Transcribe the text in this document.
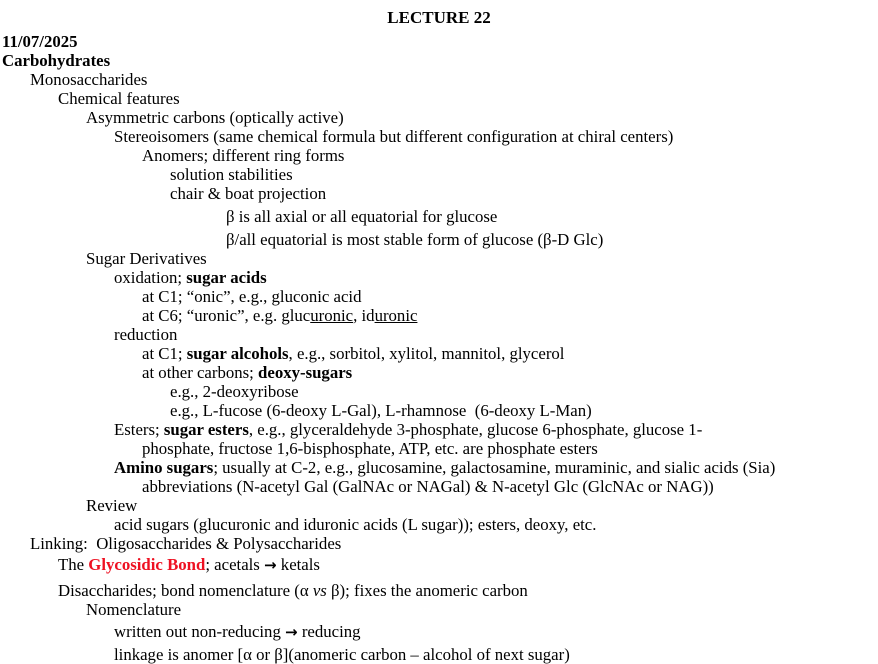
LECTURE 22
11/07/2025
Carbohydrates
Monosaccharides
Chemical features
Asymmetric carbons (optically active)
Stereoisomers (same chemical formula but different configuration at chiral centers)
Anomers; different ring forms
solution stabilities
chair & boat projection
β is all axial or all equatorial for glucose
β/all equatorial is most stable form of glucose (β-D Glc)
Sugar Derivatives
oxidation; sugar acids
at C1; “onic”, e.g., gluconic acid
at C6; “uronic”, e.g. glucuronic, iduronic
reduction
at C1; sugar alcohols, e.g., sorbitol, xylitol, mannitol, glycerol
at other carbons; deoxy-sugars
e.g., 2-deoxyribose
e.g., L-fucose (6-deoxy L-Gal), L-rhamnose  (6-deoxy L-Man)
Esters; sugar esters, e.g., glyceraldehyde 3-phosphate, glucose 6-phosphate, glucose 1-
phosphate, fructose 1,6-bisphosphate, ATP, etc. are phosphate esters
Amino sugars; usually at C-2, e.g., glucosamine, galactosamine, muraminic, and sialic acids (Sia)
abbreviations (N-acetyl Gal (GalNAc or NAGal) & N-acetyl Glc (GlcNAc or NAG))
Review
acid sugars (glucuronic and iduronic acids (L sugar)); esters, deoxy, etc.
Linking:  Oligosaccharides & Polysaccharides
The Glycosidic Bond; acetals → ketals
Disaccharides; bond nomenclature (α vs β); fixes the anomeric carbon
Nomenclature
written out non-reducing → reducing
linkage is anomer [α or β](anomeric carbon – alcohol of next sugar)
